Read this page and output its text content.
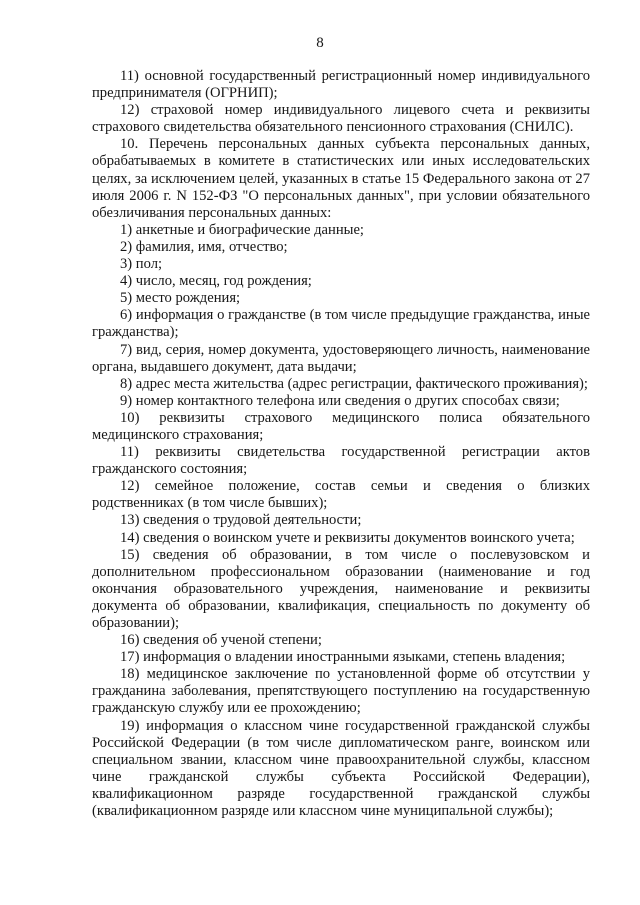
8

11) основной государственный регистрационный номер индивидуального предпринимателя (ОГРНИП);

12) страховой номер индивидуального лицевого счета и реквизиты страхового свидетельства обязательного пенсионного страхования (СНИЛС).

10. Перечень персональных данных субъекта персональных данных, обрабатываемых в комитете в статистических или иных исследовательских целях, за исключением целей, указанных в статье 15 Федерального закона от 27 июля 2006 г. N 152-ФЗ "О персональных данных", при условии обязательного обезличивания персональных данных:

1) анкетные и биографические данные;

2) фамилия, имя, отчество;

3) пол;

4) число, месяц, год рождения;

5) место рождения;

6) информация о гражданстве (в том числе предыдущие гражданства, иные гражданства);

7) вид, серия, номер документа, удостоверяющего личность, наименование органа, выдавшего документ, дата выдачи;

8) адрес места жительства (адрес регистрации, фактического проживания);

9) номер контактного телефона или сведения о других способах связи;

10) реквизиты страхового медицинского полиса обязательного медицинского страхования;

11) реквизиты свидетельства государственной регистрации актов гражданского состояния;

12) семейное положение, состав семьи и сведения о близких родственниках (в том числе бывших);

13) сведения о трудовой деятельности;

14) сведения о воинском учете и реквизиты документов воинского учета;

15) сведения об образовании, в том числе о послевузовском и дополнительном профессиональном образовании (наименование и год окончания образовательного учреждения, наименование и реквизиты документа об образовании, квалификация, специальность по документу об образовании);

16) сведения об ученой степени;

17) информация о владении иностранными языками, степень владения;

18) медицинское заключение по установленной форме об отсутствии у гражданина заболевания, препятствующего поступлению на государственную гражданскую службу или ее прохождению;

19) информация о классном чине государственной гражданской службы Российской Федерации (в том числе дипломатическом ранге, воинском или специальном звании, классном чине правоохранительной службы, классном чине гражданской службы субъекта Российской Федерации), квалификационном разряде государственной гражданской службы (квалификационном разряде или классном чине муниципальной службы);
